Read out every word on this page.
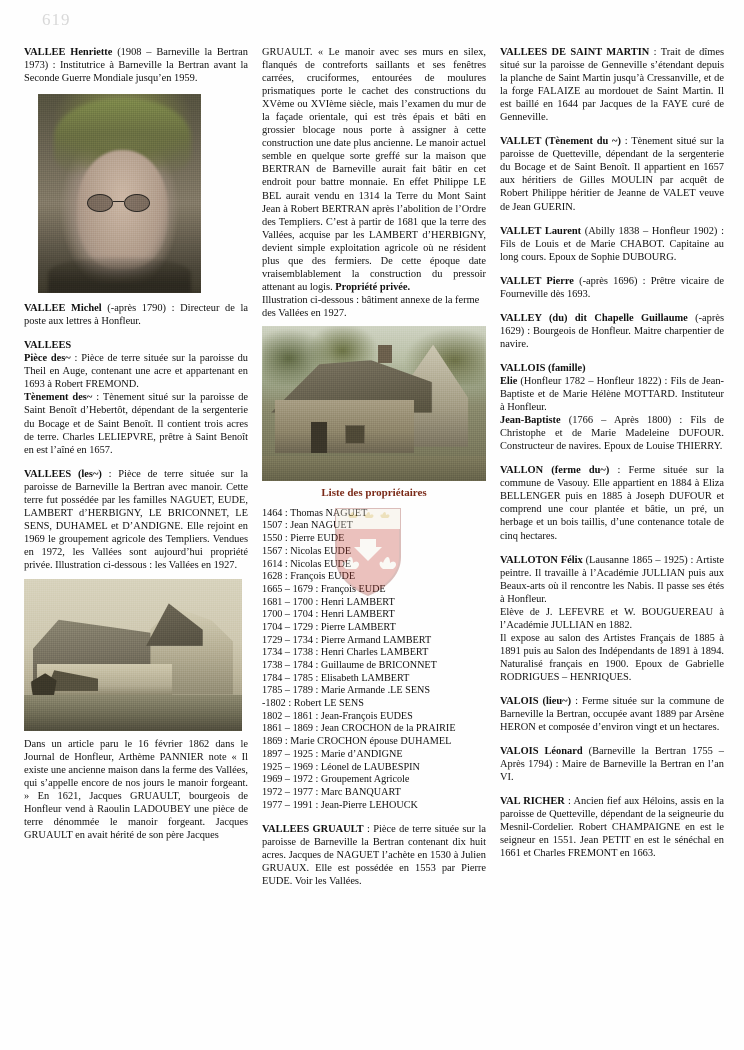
619

VALLEE Henriette (1908 – Barneville la Bertran 1973) : Institutrice à Barneville la Bertran avant la Seconde Guerre Mondiale jusqu’en 1959.

VALLEE Michel (-après 1790) : Directeur de la poste aux lettres à Honfleur.

VALLEES

Pièce des~ : Pièce de terre située sur la paroisse du Theil en Auge, contenant une acre et appartenant en 1693 à Robert FREMOND.

Tènement des~ : Tènement situé sur la paroisse de Saint Benoît d’Hebertôt, dépendant de la sergenterie du Bocage et de Saint Benoît. Il contient trois acres de terre. Charles LELIEPVRE, prêtre à Saint Benoît en est l’aîné en 1657.

VALLEES (les~) : Pièce de terre située sur la paroisse de Barneville la Bertran avec manoir. Cette terre fut possédée par les familles NAGUET, EUDE, LAMBERT d’HERBIGNY, LE BRICONNET, LE SENS, DUHAMEL et D’ANDIGNE. Elle rejoint en 1969 le groupement agricole des Templiers. Vendues en 1972, les Vallées sont aujourd’hui propriété privée. Illustration ci-dessous : les Vallées en 1927.

Dans un article paru le 16 février 1862 dans le Journal de Honfleur, Arthème PANNIER note « Il existe une ancienne maison dans la ferme des Vallées, qui s’appelle encore de nos jours le manoir forgeant. » En 1621, Jacques GRUAULT, bourgeois de Honfleur vend à Raoulin LADOUBEY une pièce de terre dénommée le manoir forgeant. Jacques GRUAULT en avait hérité de son père Jacques

GRUAULT. « Le manoir avec ses murs en silex, flanqués de contreforts saillants et ses fenêtres carrées, cruciformes, entourées de moulures prismatiques porte le cachet des constructions du XVème ou XVIème siècle, mais l’examen du mur de la façade orientale, qui est très épais et bâti en grossier blocage nous porte à assigner à cette construction une date plus ancienne. Le manoir actuel semble en quelque sorte greffé sur la maison que BERTRAN de Barneville aurait fait bâtir en cet endroit pour battre monnaie. En effet Philippe LE BEL aurait vendu en 1314 la Terre du Mont Saint Jean à Robert BERTRAN après l’abolition de l’Ordre des Templiers. C’est à partir de 1681 que la terre des Vallées, acquise par les LAMBERT d’HERBIGNY, devient simple exploitation agricole où ne résident plus que des fermiers. De cette époque date vraisemblablement la construction du pressoir attenant au logis. Propriété privée.

Illustration ci-dessous : bâtiment annexe de la ferme des Vallées en 1927.

Liste des propriétaires
1464 : Thomas NAGUET
1507 : Jean NAGUET
1550 : Pierre EUDE
1567 : Nicolas EUDE
1614 : Nicolas EUDE
1628 : François EUDE
1665 – 1679 : François EUDE
1681 – 1700 : Henri LAMBERT
1700 – 1704 : Henri LAMBERT
1704 – 1729 : Pierre LAMBERT
1729 – 1734 : Pierre Armand LAMBERT
1734 – 1738 : Henri Charles LAMBERT
1738 – 1784 : Guillaume de BRICONNET
1784 – 1785 : Elisabeth LAMBERT
1785 – 1789 : Marie Armande .LE SENS
-1802 : Robert LE SENS
1802 – 1861 : Jean-François EUDES
1861 – 1869 : Jean CROCHON de la PRAIRIE
1869 : Marie CROCHON épouse DUHAMEL
1897 – 1925 : Marie d’ANDIGNE
1925 – 1969 : Léonel de LAUBESPIN
1969 – 1972 : Groupement Agricole
1972 – 1977 : Marc BANQUART
1977 – 1991 : Jean-Pierre LEHOUCK

VALLEES GRUAULT : Pièce de terre située sur la paroisse de Barneville la Bertran contenant dix huit acres. Jacques de NAGUET l’achète en 1530 à Julien GRUAUX. Elle est possédée en 1553 par Pierre EUDE. Voir les Vallées.

VALLEES DE SAINT MARTIN : Trait de dîmes situé sur la paroisse de Genneville s’étendant depuis la planche de Saint Martin jusqu’à Cressanville, et de la forge FALAIZE au mordouet de Saint Martin. Il est baillé en 1644 par Jacques de la FAYE curé de Genneville.

VALLET (Tènement du ~) : Tènement situé sur la paroisse de Quetteville, dépendant de la sergenterie du Bocage et de Saint Benoît. Il appartient en 1657 aux héritiers de Gilles MOULIN par acquêt de Robert Philippe héritier de Jeanne de VALET veuve de Jean GUERIN.

VALLET Laurent (Abilly 1838 – Honfleur 1902) : Fils de Louis et de Marie CHABOT. Capitaine au long cours. Epoux de Sophie DUBOURG.

VALLET Pierre (-après 1696) : Prêtre vicaire de Fourneville dès 1693.

VALLEY (du) dit Chapelle Guillaume (-après 1629) : Bourgeois de Honfleur. Maitre charpentier de navire.

VALLOIS (famille)

Elie (Honfleur 1782 – Honfleur 1822) : Fils de Jean-Baptiste et de Marie Hélène MOTTARD. Instituteur à Honfleur.

Jean-Baptiste (1766 – Après 1800) : Fils de Christophe et de Marie Madeleine DUFOUR. Constructeur de navires. Epoux de Louise THIERRY.

VALLON (ferme du~) : Ferme située sur la commune de Vasouy. Elle appartient en 1884 à Eliza BELLENGER puis en 1885 à Joseph DUFOUR et comprend une cour plantée et bâtie, un pré, un herbage et un bois taillis, d’une contenance totale de cinq hectares.

VALLOTON Félix (Lausanne 1865 – 1925) : Artiste peintre. Il travaille à l’Académie JULLIAN puis aux Beaux-arts où il rencontre les Nabis. Il passe ses étés à Honfleur.

Elève de J. LEFEVRE et W. BOUGUEREAU à l’Académie JULLIAN en 1882.

Il expose au salon des Artistes Français de 1885 à 1891 puis au Salon des Indépendants de 1891 à 1894. Naturalisé français en 1900. Epoux de Gabrielle RODRIGUES – HENRIQUES.

VALOIS (lieu~) : Ferme située sur la commune de Barneville la Bertran, occupée avant 1889 par Arsène HERON et composée d’environ vingt et un hectares.

VALOIS Léonard (Barneville la Bertran 1755 – Après 1794) : Maire de Barneville la Bertran en l’an VI.

VAL RICHER : Ancien fief aux Héloins, assis en la paroisse de Quetteville, dépendant de la seigneurie du Mesnil-Cordelier. Robert CHAMPAIGNE en est le seigneur en 1551. Jean PETIT en est le sénéchal en 1661 et Charles FREMONT en 1663.
